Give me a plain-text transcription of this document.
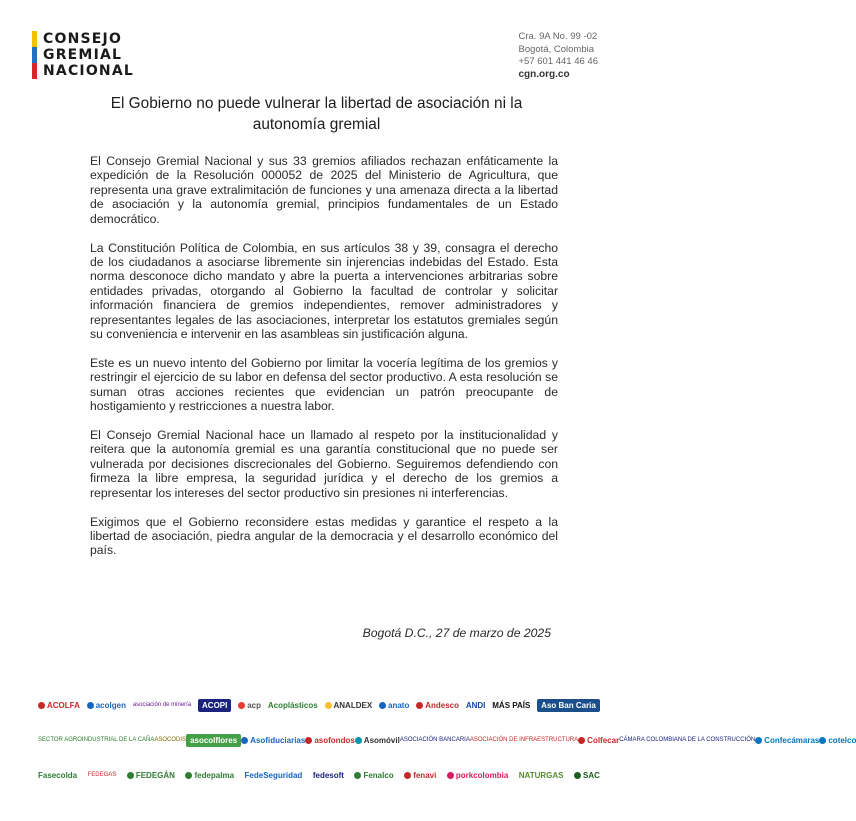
CONSEJO
GREMIAL
NACIONAL
Cra. 9A No. 99 -02
Bogotá, Colombia
+57 601 441 46 46
cgn.org.co
El Gobierno no puede vulnerar la libertad de asociación ni la autonomía gremial

El Consejo Gremial Nacional y sus 33 gremios afiliados rechazan enfáticamente la expedición de la Resolución 000052 de 2025 del Ministerio de Agricultura, que representa una grave extralimitación de funciones y una amenaza directa a la libertad de asociación y la autonomía gremial, principios fundamentales de un Estado democrático.

La Constitución Política de Colombia, en sus artículos 38 y 39, consagra el derecho de los ciudadanos a asociarse libremente sin injerencias indebidas del Estado. Esta norma desconoce dicho mandato y abre la puerta a intervenciones arbitrarias sobre entidades privadas, otorgando al Gobierno la facultad de controlar y solicitar información financiera de gremios independientes, remover administradores y representantes legales de las asociaciones, interpretar los estatutos gremiales según su conveniencia e intervenir en las asambleas sin justificación alguna.

Este es un nuevo intento del Gobierno por limitar la vocería legítima de los gremios y restringir el ejercicio de su labor en defensa del sector productivo. A esta resolución se suman otras acciones recientes que evidencian un patrón preocupante de hostigamiento y restricciones a nuestra labor.

El Consejo Gremial Nacional hace un llamado al respeto por la institucionalidad y reitera que la autonomía gremial es una garantía constitucional que no puede ser vulnerada por decisiones discrecionales del Gobierno. Seguiremos defendiendo con firmeza la libre empresa, la seguridad jurídica y el derecho de los gremios a representar los intereses del sector productivo sin presiones ni interferencias.

Exigimos que el Gobierno reconsidere estas medidas y garantice el respeto a la libertad de asociación, piedra angular de la democracia y el desarrollo económico del país.

Bogotá D.C., 27 de marzo de 2025
ACOLFA acolgen asociación de minería ACOPI acp Acoplásticos ANALDEX anato Andesco ANDI MÁS PAÍS Aso Ban Caria
SECTOR AGROINDUSTRIAL DE LA CAÑA ASOCODIS asocolflores Asofiduciarias asofondos Asomóvil ASOCIACIÓN BANCARIA ASOCIACIÓN DE INFRAESTRUCTURA Colfecar CÁMARA COLOMBIANA DE LA CONSTRUCCIÓN Confecámaras cotelco
Fasecolda FEDEGAS FEDEGÁN fedepalma FedeSeguridad fedesoft Fenalco fenavi porkcolombia NATURGAS SAC
